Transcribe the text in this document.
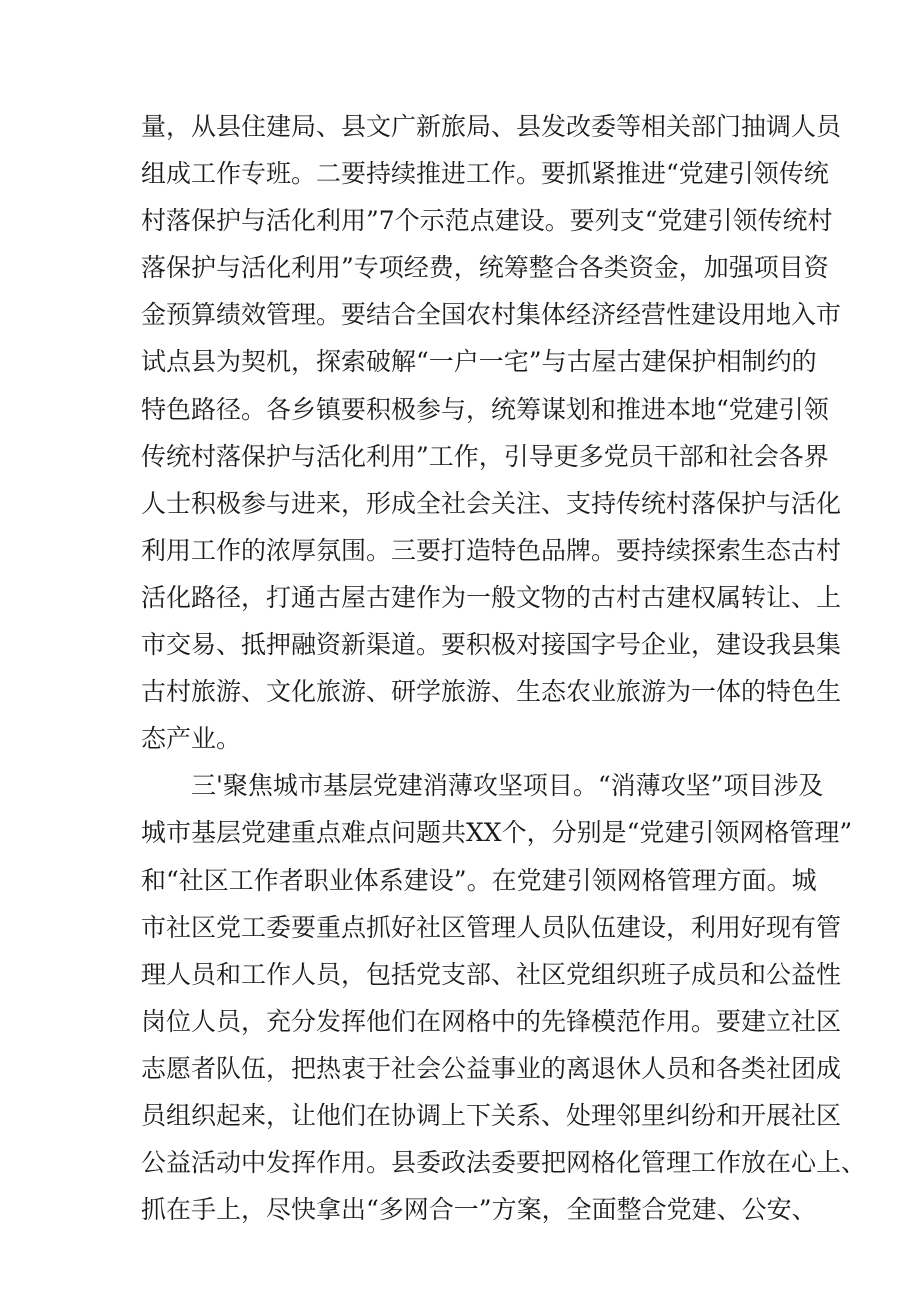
量，从县住建局、县文广新旅局、县发改委等相关部门抽调人员
组成工作专班。二要持续推进工作。要抓紧推进“党建引领传统
村落保护与活化利用”7个示范点建设。要列支“党建引领传统村
落保护与活化利用”专项经费，统筹整合各类资金，加强项目资
金预算绩效管理。要结合全国农村集体经济经营性建设用地入市
试点县为契机，探索破解“一户一宅”与古屋古建保护相制约的
特色路径。各乡镇要积极参与，统筹谋划和推进本地“党建引领
传统村落保护与活化利用”工作，引导更多党员干部和社会各界
人士积极参与进来，形成全社会关注、支持传统村落保护与活化
利用工作的浓厚氛围。三要打造特色品牌。要持续探索生态古村
活化路径，打通古屋古建作为一般文物的古村古建权属转让、上
市交易、抵押融资新渠道。要积极对接国字号企业，建设我县集
古村旅游、文化旅游、研学旅游、生态农业旅游为一体的特色生
态产业。
三'聚焦城市基层党建消薄攻坚项目。“消薄攻坚”项目涉及
城市基层党建重点难点问题共XX个，分别是“党建引领网格管理”
和“社区工作者职业体系建设”。在党建引领网格管理方面。城
市社区党工委要重点抓好社区管理人员队伍建设，利用好现有管
理人员和工作人员，包括党支部、社区党组织班子成员和公益性
岗位人员，充分发挥他们在网格中的先锋模范作用。要建立社区
志愿者队伍，把热衷于社会公益事业的离退休人员和各类社团成
员组织起来，让他们在协调上下关系、处理邻里纠纷和开展社区
公益活动中发挥作用。县委政法委要把网格化管理工作放在心上、
抓在手上，尽快拿出“多网合一”方案，全面整合党建、公安、
